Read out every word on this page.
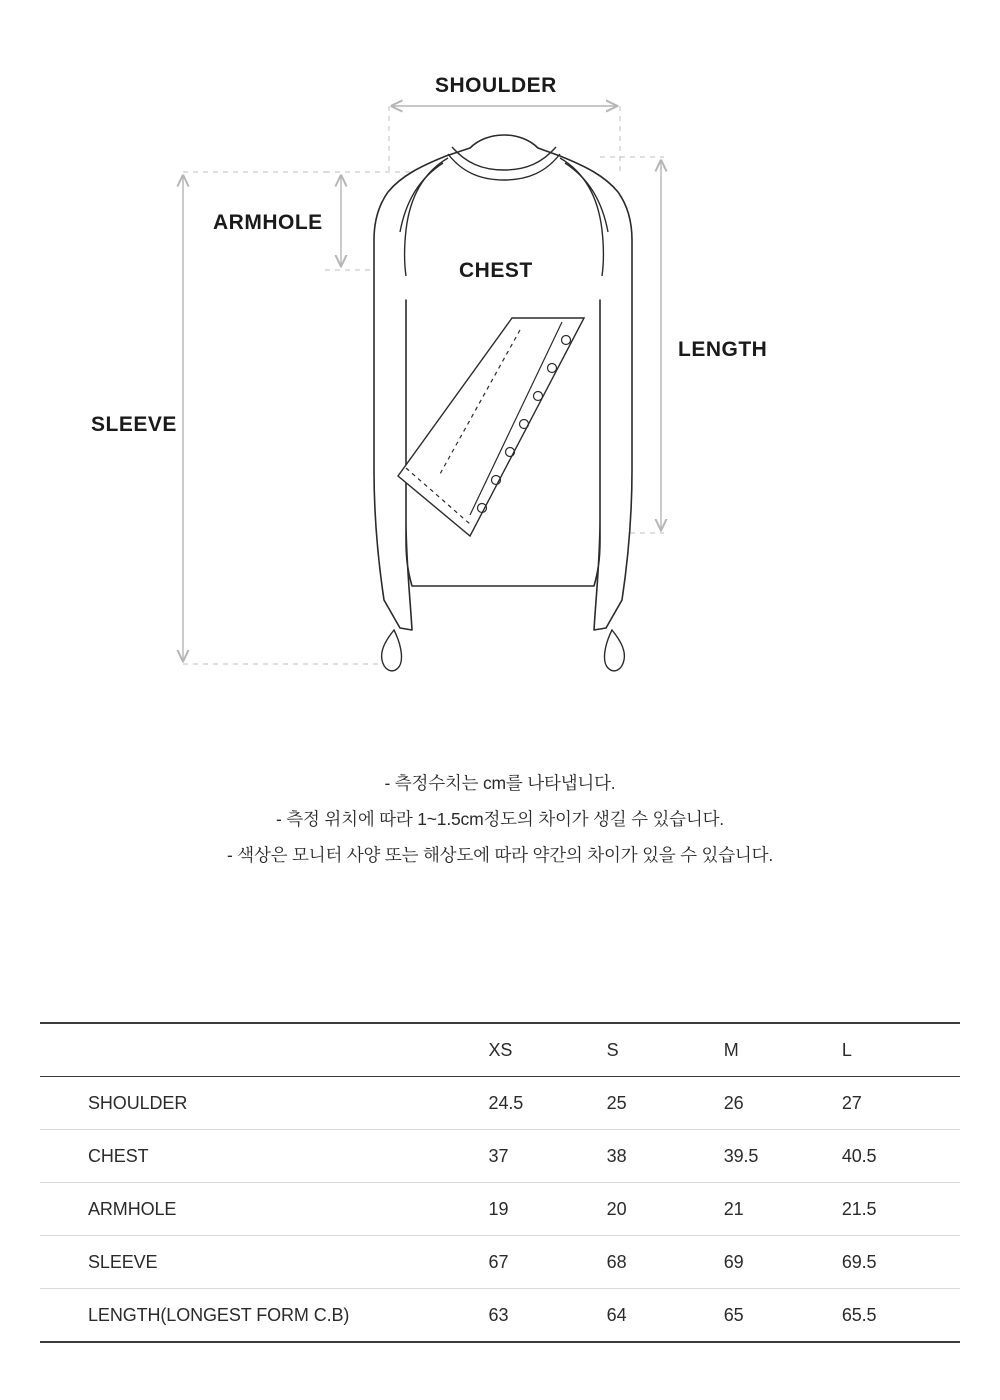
SHOULDER
ARMHOLE
CHEST
LENGTH
SLEEVE
- 측정수치는 cm를 나타냅니다.
- 측정 위치에 따라 1~1.5cm정도의 차이가 생길 수 있습니다.
- 색상은 모니터 사양 또는 해상도에 따라 약간의 차이가 있을 수 있습니다.
	XS	S	M	L
SHOULDER	24.5	25	26	27
CHEST	37	38	39.5	40.5
ARMHOLE	19	20	21	21.5
SLEEVE	67	68	69	69.5
LENGTH(LONGEST FORM C.B)	63	64	65	65.5
